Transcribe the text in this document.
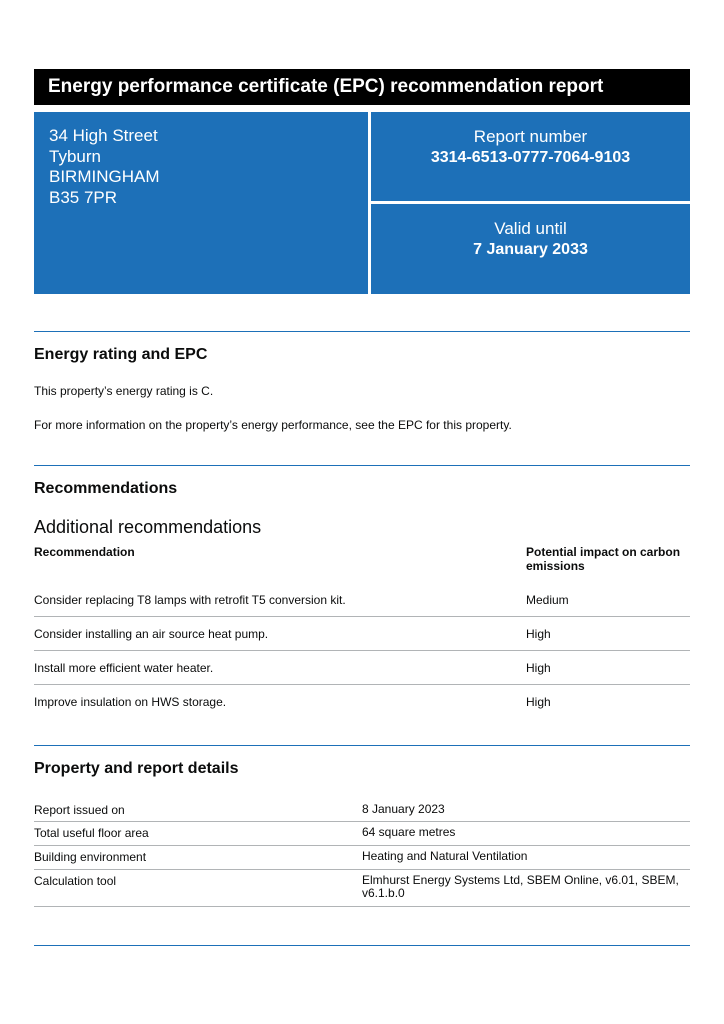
Energy performance certificate (EPC) recommendation report
34 High Street
Tyburn
BIRMINGHAM
B35 7PR
Report number
3314-6513-0777-7064-9103
Valid until
7 January 2033
Energy rating and EPC
This property’s energy rating is C.
For more information on the property’s energy performance, see the EPC for this property.
Recommendations
Additional recommendations
Recommendation	Potential impact on carbon emissions
Consider replacing T8 lamps with retrofit T5 conversion kit.	Medium
Consider installing an air source heat pump.	High
Install more efficient water heater.	High
Improve insulation on HWS storage.	High
Property and report details
Report issued on	8 January 2023
Total useful floor area	64 square metres
Building environment	Heating and Natural Ventilation
Calculation tool	Elmhurst Energy Systems Ltd, SBEM Online, v6.01, SBEM, v6.1.b.0
